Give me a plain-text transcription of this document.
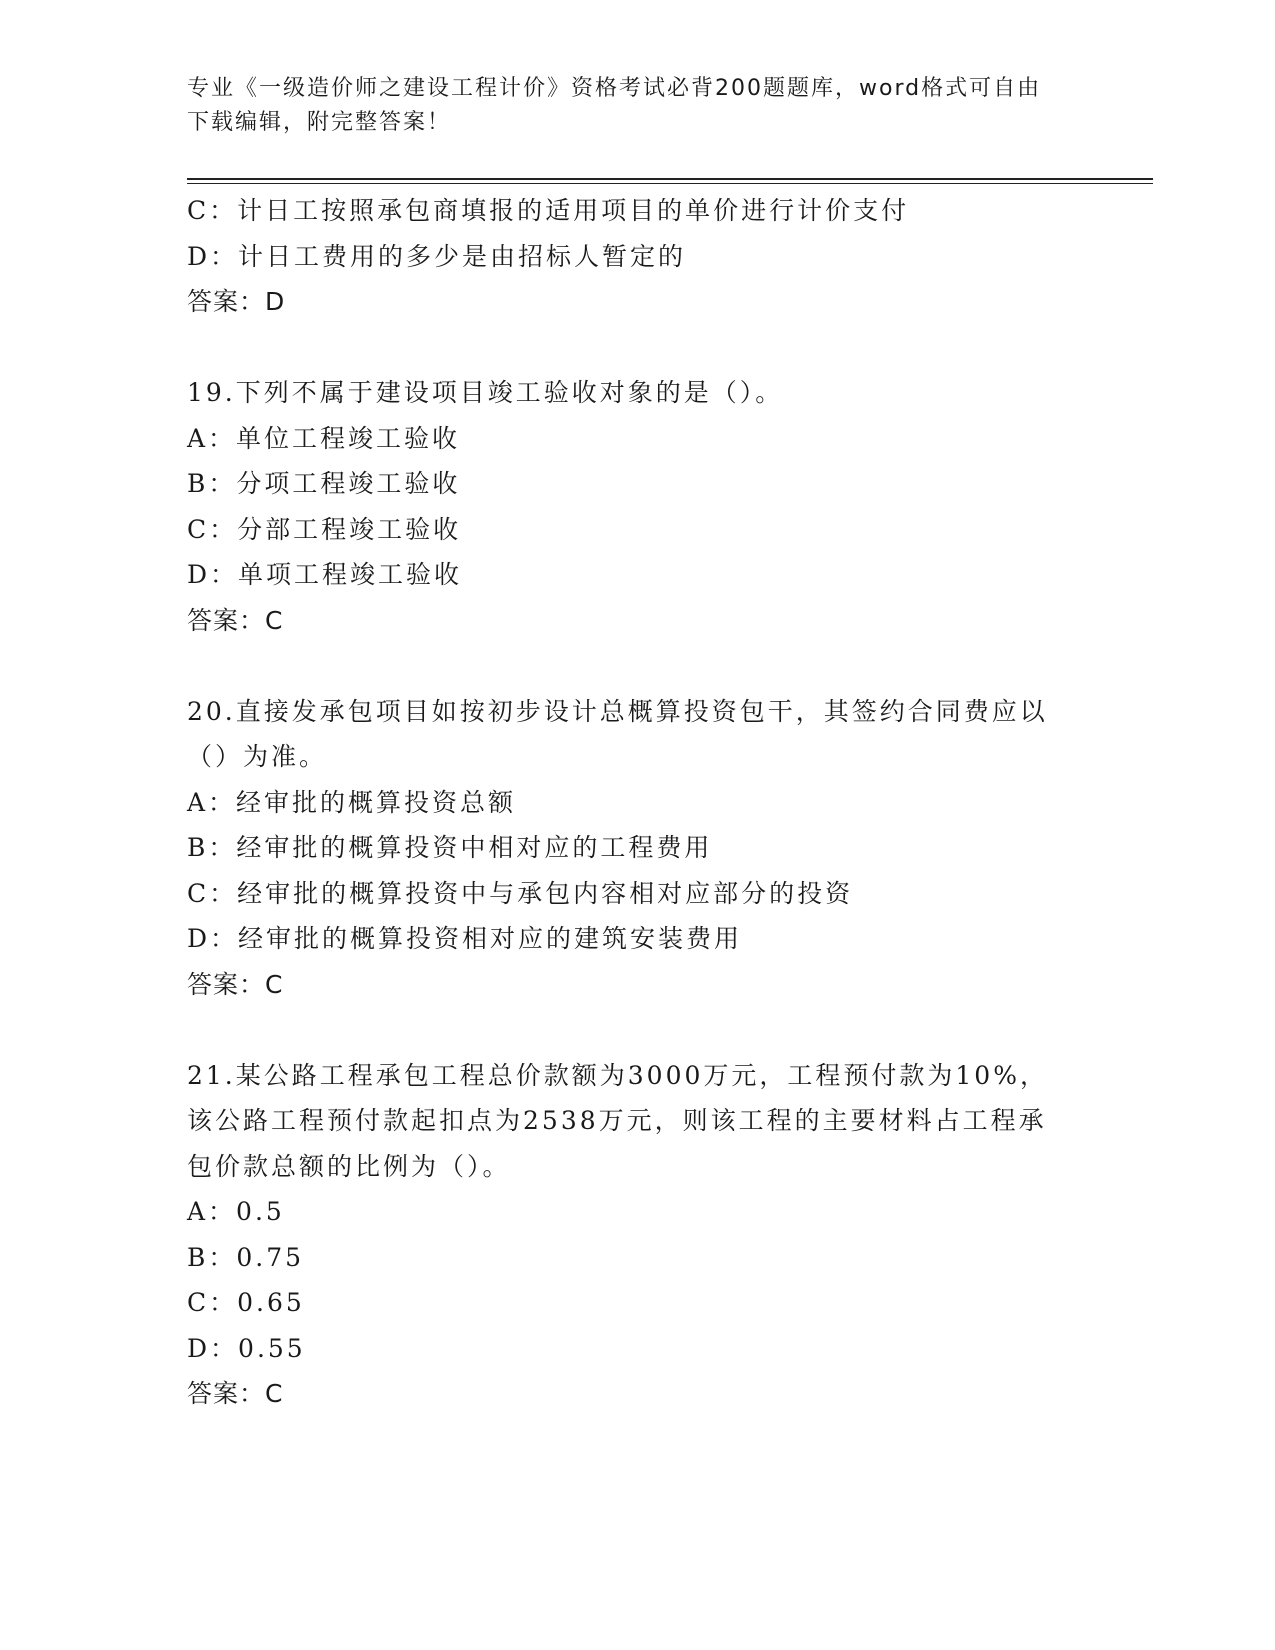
专业《一级造价师之建设工程计价》资格考试必背200题题库，word格式可自由
下载编辑，附完整答案！
C：计日工按照承包商填报的适用项目的单价进行计价支付
D：计日工费用的多少是由招标人暂定的
答案：D
19.下列不属于建设项目竣工验收对象的是（）。
A：单位工程竣工验收
B：分项工程竣工验收
C：分部工程竣工验收
D：单项工程竣工验收
答案：C
20.直接发承包项目如按初步设计总概算投资包干，其签约合同费应以
（）为准。
A：经审批的概算投资总额
B：经审批的概算投资中相对应的工程费用
C：经审批的概算投资中与承包内容相对应部分的投资
D：经审批的概算投资相对应的建筑安装费用
答案：C
21.某公路工程承包工程总价款额为3000万元，工程预付款为10%，
该公路工程预付款起扣点为2538万元，则该工程的主要材料占工程承
包价款总额的比例为（）。
A：0.5
B：0.75
C：0.65
D：0.55
答案：C
